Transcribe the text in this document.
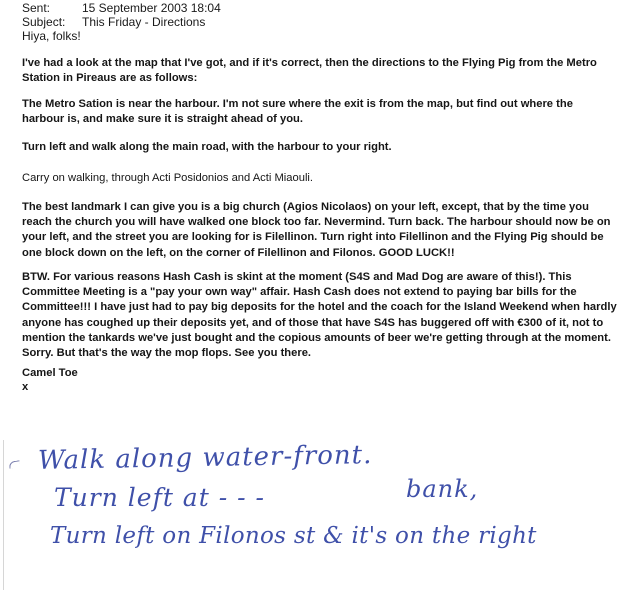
Sent:	15 September 2003 18:04
Subject: This Friday - Directions
Hiya, folks!

I've had a look at the map that I've got, and if it's correct, then the directions to the Flying Pig from the Metro Station in Pireaus are as follows:

The Metro Sation is near the harbour. I'm not sure where the exit is from the map, but find out where the harbour is, and make sure it is straight ahead of you.

Turn left and walk along the main road, with the harbour to your right.

Carry on walking, through Acti Posidonios and Acti Miaouli.

The best landmark I can give you is a big church (Agios Nicolaos) on your left, except, that by the time you reach the church you will have walked one block too far. Nevermind. Turn back. The harbour should now be on your left, and the street you are looking for is Filellinon. Turn right into Filellinon and the Flying Pig should be one block down on the left, on the corner of Filellinon and Filonos. GOOD LUCK!!

BTW. For various reasons Hash Cash is skint at the moment (S4S and Mad Dog are aware of this!). This Committee Meeting is a "pay your own way" affair. Hash Cash does not extend to paying bar bills for the Committee!!! I have just had to pay big deposits for the hotel and the coach for the Island Weekend when hardly anyone has coughed up their deposits yet, and of those that have S4S has buggered off with €300 of it, not to mention the tankards we've just bought and the copious amounts of beer we're getting through at the moment. Sorry. But that's the way the mop flops. See you there.

Camel Toe
x
Walk along water-front.
Turn left at - - -	bank,
Turn left on Filonos st & it's on the right
